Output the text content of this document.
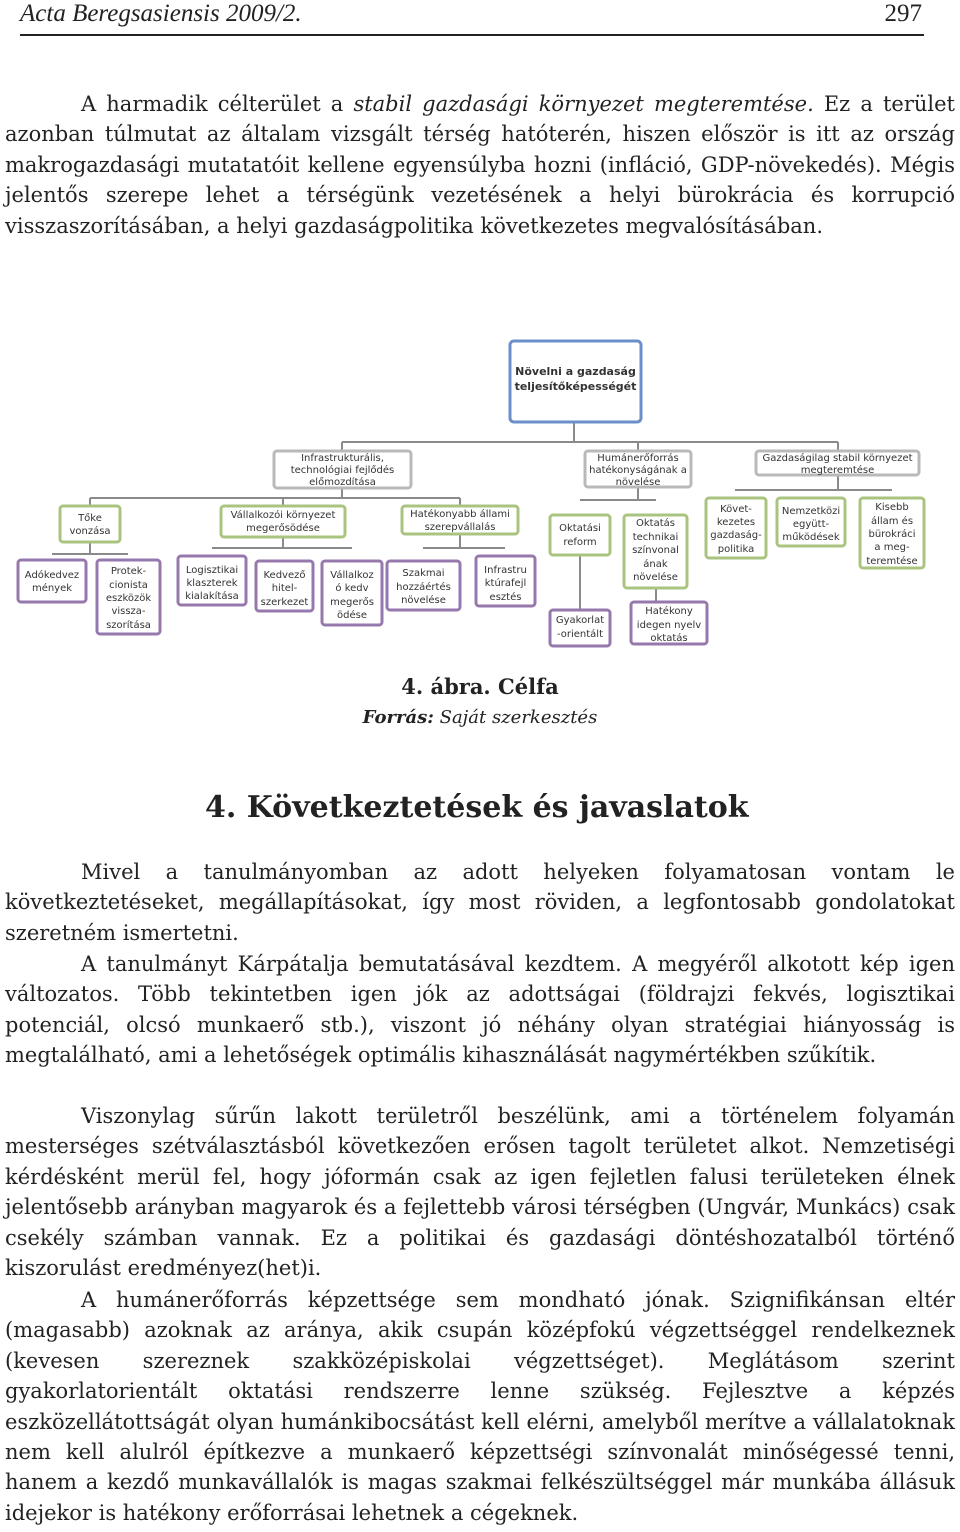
Acta Beregsasiensis 2009/2.	297
A harmadik célterület a stabil gazdasági környezet megteremtése. Ez a terület azonban túlmutat az általam vizsgált térség hatóterén, hiszen először is itt az ország makrogazdasági mutatatóit kellene egyensúlyba hozni (infláció, GDP-növekedés). Mégis jelentős szerepe lehet a térségünk vezetésének a helyi bürokrácia és korrupció visszaszorításában, a helyi gazdaságpolitika következetes megvalósításában.
Növelni a gazdaság
teljesítőképességét
Infrastrukturális,
technológiai fejlődés
előmozdítása
Humánerőforrás
hatékonyságának a
növelése
Gazdaságilag stabil környezet
megteremtése
Tőke
vonzása
Vállalkozói környezet
megerősödése
Hatékonyabb állami
szerepvállalás
Adókedvez
mények
Protek-
cionista
eszközök
vissza-
szorítása
Logisztikai
klaszterek
kialakítása
Kedvező
hitel-
szerkezet
Vállalkoz
ó kedv
megerős
ödése
Szakmai
hozzáértés
növelése
Infrastru
ktúrafejl
esztés
Oktatási
reform
Oktatás
technikai
színvonal
ának
növelése
Gyakorlat
-orientált
Hatékony
idegen nyelv
oktatás
Követ-
kezetes
gazdaság-
politika
Nemzetközi
együtt-
működések
Kisebb
állam és
bürokráci
a meg-
teremtése
4. ábra. Célfa
Forrás: Saját szerkesztés
4. Következtetések és javaslatok
Mivel a tanulmányomban az adott helyeken folyamatosan vontam le következtetéseket, megállapításokat, így most röviden, a legfontosabb gondolatokat szeretném ismertetni.
A tanulmányt Kárpátalja bemutatásával kezdtem. A megyéről alkotott kép igen változatos. Több tekintetben igen jók az adottságai (földrajzi fekvés, logisztikai potenciál, olcsó munkaerő stb.), viszont jó néhány olyan stratégiai hiányosság is megtalálható, ami a lehetőségek optimális kihasználását nagymértékben szűkítik.
Viszonylag sűrűn lakott területről beszélünk, ami a történelem folyamán mesterséges szétválasztásból következően erősen tagolt területet alkot. Nemzetiségi kérdésként merül fel, hogy jóformán csak az igen fejletlen falusi területeken élnek jelentősebb arányban magyarok és a fejlettebb városi térségben (Ungvár, Munkács) csak csekély számban vannak. Ez a politikai és gazdasági döntéshozatalból történő kiszorulást eredményez(het)i.
A humánerőforrás képzettsége sem mondható jónak. Szignifikánsan eltér (magasabb) azoknak az aránya, akik csupán középfokú végzettséggel rendelkeznek (kevesen szereznek szakközépiskolai végzettséget). Meglátásom szerint gyakorlatorientált oktatási rendszerre lenne szükség. Fejlesztve a képzés eszközellátottságát olyan humánkibocsátást kell elérni, amelyből merítve a vállalatoknak nem kell alulról építkezve a munkaerő képzettségi színvonalát minőségessé tenni, hanem a kezdő munkavállalók is magas szakmai felkészültséggel már munkába állásuk idejekor is hatékony erőforrásai lehetnek a cégeknek.
